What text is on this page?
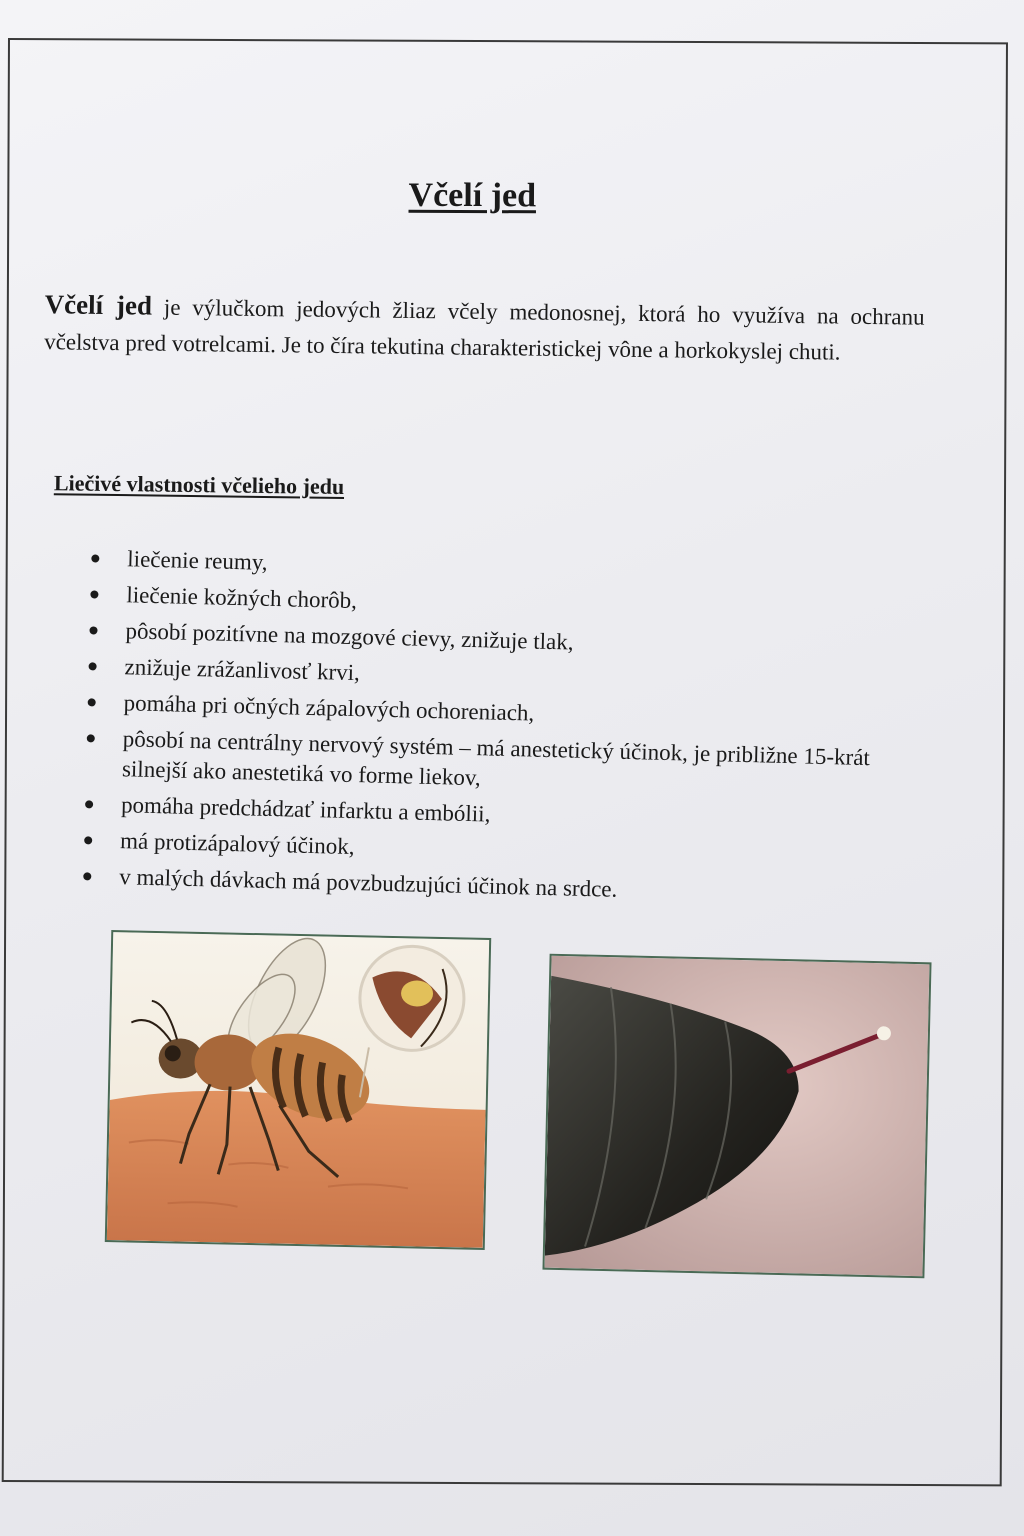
Včelí jed

Včelí jed je výlučkom jedových žliaz včely medonosnej, ktorá ho využíva na ochranu včelstva pred votrelcami. Je to číra tekutina charakteristickej vône a horkokyslej chuti.

Liečivé vlastnosti včelieho jedu
liečenie reumy,
liečenie kožných chorôb,
pôsobí pozitívne na mozgové cievy, znižuje tlak,
znižuje zrážanlivosť krvi,
pomáha pri očných zápalových ochoreniach,
pôsobí na centrálny nervový systém – má anestetický účinok, je približne 15-krát silnejší ako anestetiká vo forme liekov,
pomáha predchádzať infarktu a embólii,
má protizápalový účinok,
v malých dávkach má povzbudzujúci účinok na srdce.
